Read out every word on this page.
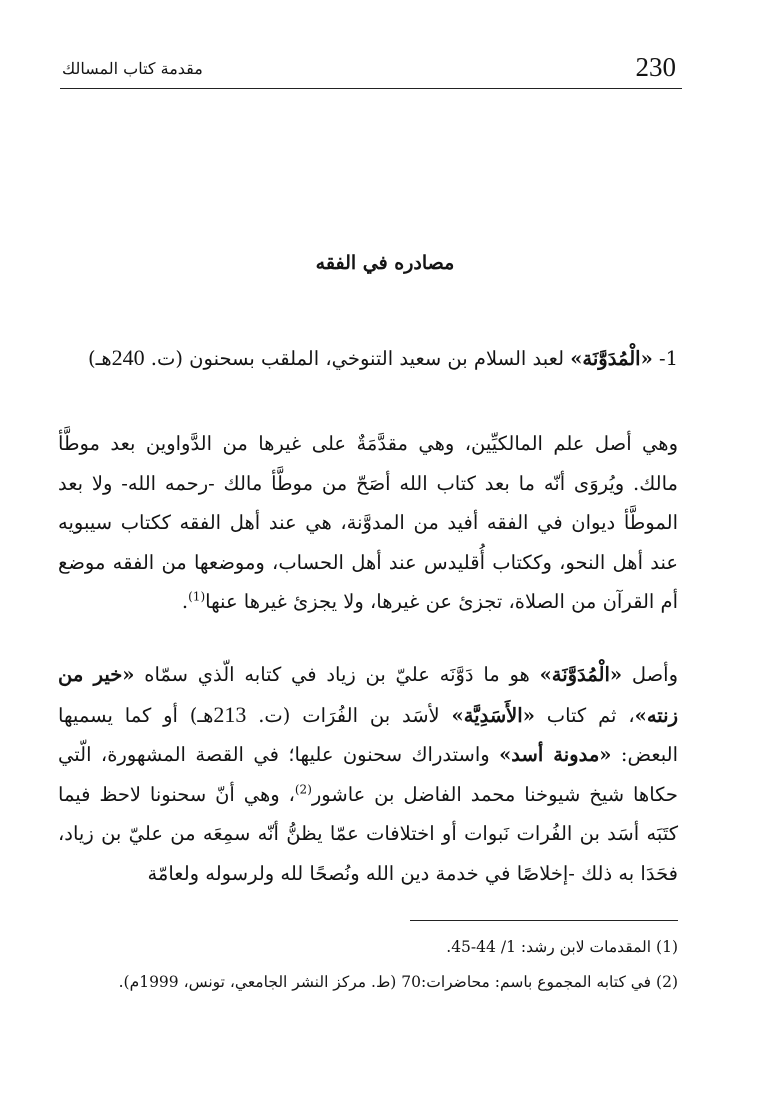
مقدمة كتاب المسالك	230
مصادره في الفقه

1- «الْمُدَوَّنَة» لعبد السلام بن سعيد التنوخي، الملقب بسحنون (ت. 240هـ)

وهي أصل علم المالكيِّين، وهي مقدَّمَةٌ على غيرها من الدَّواوين بعد موطَّأ مالك. ويُروَى أنّه ما بعد كتاب الله أصَحّ من موطَّأ مالك -رحمه الله- ولا بعد الموطَّأ ديوان في الفقه أفيد من المدوَّنة، هي عند أهل الفقه ككتاب سيبويه عند أهل النحو، وككتاب أُقليدس عند أهل الحساب، وموضعها من الفقه موضع أم القرآن من الصلاة، تجزئ عن غيرها، ولا يجزئ غيرها عنها$^{(1)}$.

وأصل «الْمُدَوَّنَة» هو ما دَوَّنَه عليّ بن زياد في كتابه الّذي سمّاه «خير من زنته»، ثم كتاب «الأَسَدِيَّة» لأسَد بن الفُرَات (ت. 213هـ) أو كما يسميها البعض: «مدونة أسد» واستدراك سحنون عليها؛ في القصة المشهورة، الّتي حكاها شيخ شيوخنا محمد الفاضل بن عاشور$^{(2)}$، وهي أنّ سحنونا لاحظ فيما كتَبَه أسَد بن الفُرات نَبوات أو اختلافات عمّا يظنُّ أنّه سمِعَه من عليّ بن زياد، فحَدَا به ذلك -إخلاصًا في خدمة دين الله ونُصحًا لله ولرسوله ولعامّة

(1) المقدمات لابن رشد: 1/ 44-45.

(2) في كتابه المجموع باسم: محاضرات:70 (ط. مركز النشر الجامعي، تونس، 1999م).
